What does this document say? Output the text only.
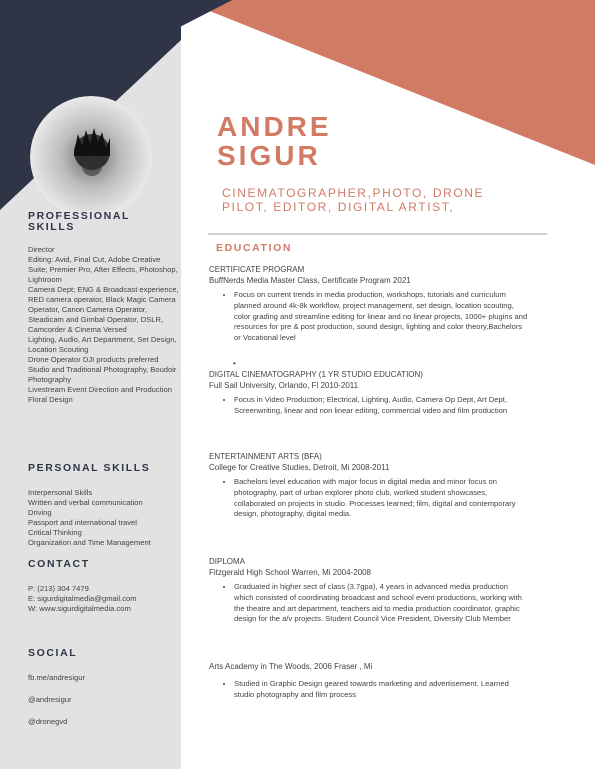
PROFESSIONAL SKILLS
Director
Editing: Avid, Final Cut, Adobe Creative Suite; Premier Pro, After Effects, Photoshop, Lightroom
Camera Dept; ENG & Broadcast experience, RED camera operator, Black Magic Camera Operator, Canon Camera Operator, Steadicam and Gimbal Operator, DSLR, Camcorder & Cinema Versed
Lighting, Audio, Art Department, Set Design, Location Scouting
Drone Operator DJI products preferred
Studio and Traditional Photography, Boudoir Photography
Livestream Event Direction and Production
Floral Design
PERSONAL SKILLS
Interpersonal Skills
Written and verbal communication
Driving
Passport and international travel
Critical Thinking
Organization and Time Management
CONTACT
P: (213) 304 7479
E: sigurdigitalmedia@gmail.com
W: www.sigurdigitalmedia.com
SOCIAL
fb.me/andresigur
@andresigur
@dronegvd
ANDRE
SIGUR
CINEMATOGRAPHER,PHOTO, DRONE PILOT, EDITOR, DIGITAL ARTIST,
EDUCATION
CERTIFICATE PROGRAM
BuffNerds Media Master Class, Certificate Program 2021
• Focus on current trends in media production, workshops, tutorials and curriculum planned around 4k-8k workflow, project management, set design, location scouting, color grading and streamline editing for linear and no linear projects, 1000+ plugins and resources for pre & post production, sound design, lighting and color theory,Bachelors or Vocational level
•
DIGITAL CINEMATOGRAPHY (1 YR STUDIO EDUCATION)
Full Sail University, Orlando, Fl 2010-2011
• Focus in Video Production; Electrical, Lighting, Audio, Camera Op Dept, Art Dept, Screenwriting, linear and non linear editing, commercial video and film production
ENTERTAINMENT ARTS (BFA)
College for Creative Studies, Detroit, Mi 2008-2011
• Bachelors level education with major focus in digital media and minor focus on photography, part of urban explorer photo club, worked student showcases, collaborated on projects in studio. Processes learned; film, digital and contemporary design, photography, digital media.
DIPLOMA
Fitzgerald High School Warren, Mi 2004-2008
• Graduated in higher sect of class (3.7gpa), 4 years in advanced media production which consisted of coordinating broadcast and school event productions, working with the theatre and art department, teachers aid to media production coordinator, graphic design for the a/v projects. Student Council Vice President, Diversity Club Member
Arts Academy in The Woods, 2006 Fraser , Mi
• Studied in Graphic Design geared towards marketing and advertisement. Learned studio photography and film process
